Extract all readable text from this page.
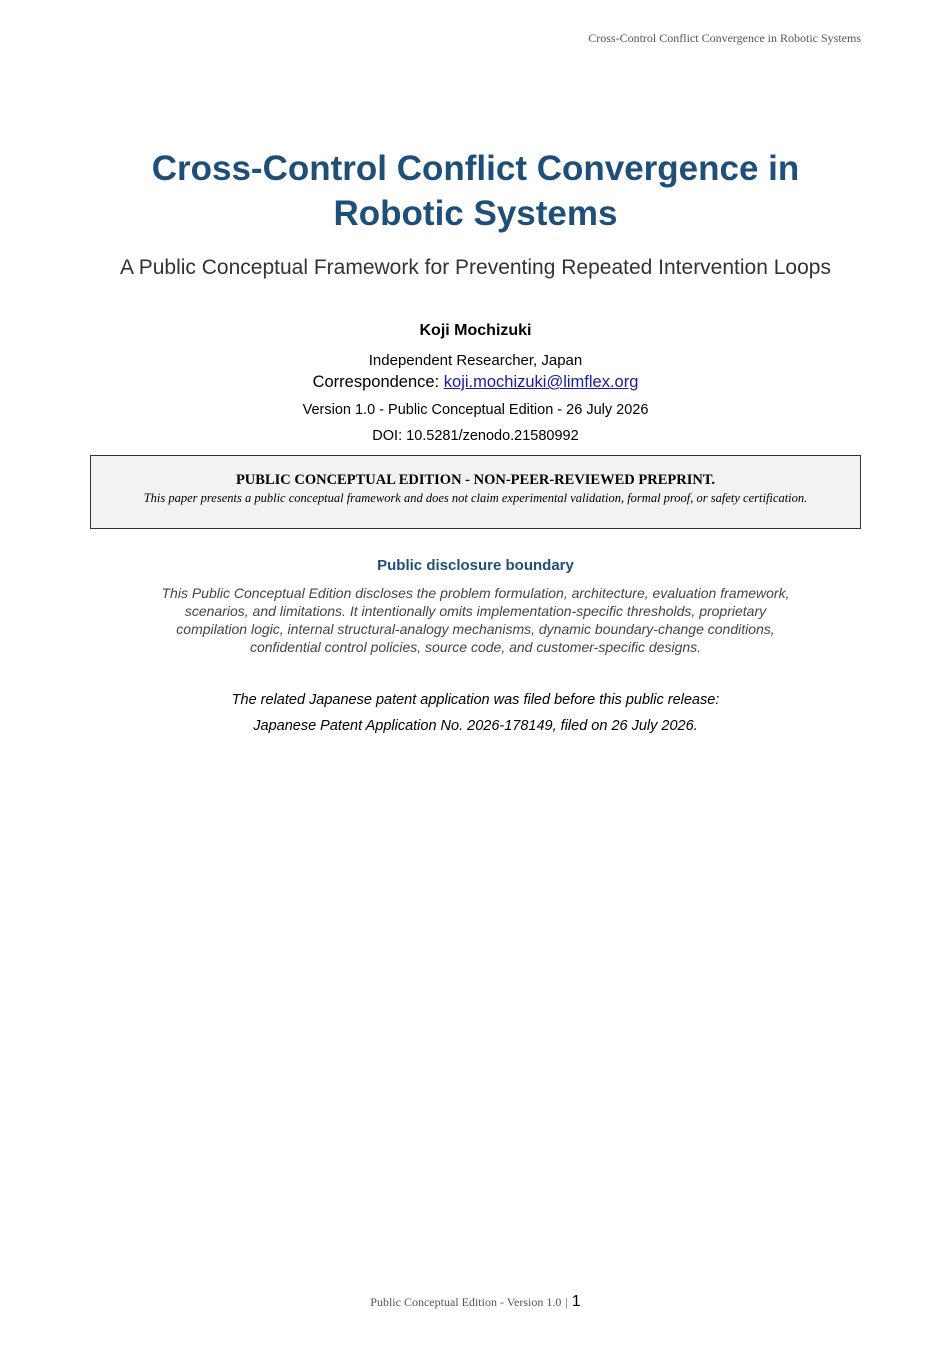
Cross-Control Conflict Convergence in Robotic Systems
Cross-Control Conflict Convergence in
Robotic Systems
A Public Conceptual Framework for Preventing Repeated Intervention Loops
Koji Mochizuki
Independent Researcher, Japan
Correspondence: koji.mochizuki@limflex.org
Version 1.0 - Public Conceptual Edition - 26 July 2026
DOI: 10.5281/zenodo.21580992
PUBLIC CONCEPTUAL EDITION - NON-PEER-REVIEWED PREPRINT.
This paper presents a public conceptual framework and does not claim experimental validation, formal proof, or safety certification.
Public disclosure boundary
This Public Conceptual Edition discloses the problem formulation, architecture, evaluation framework, scenarios, and limitations. It intentionally omits implementation-specific thresholds, proprietary compilation logic, internal structural-analogy mechanisms, dynamic boundary-change conditions, confidential control policies, source code, and customer-specific designs.
The related Japanese patent application was filed before this public release:
Japanese Patent Application No. 2026-178149, filed on 26 July 2026.
Public Conceptual Edition - Version 1.0 | 1
